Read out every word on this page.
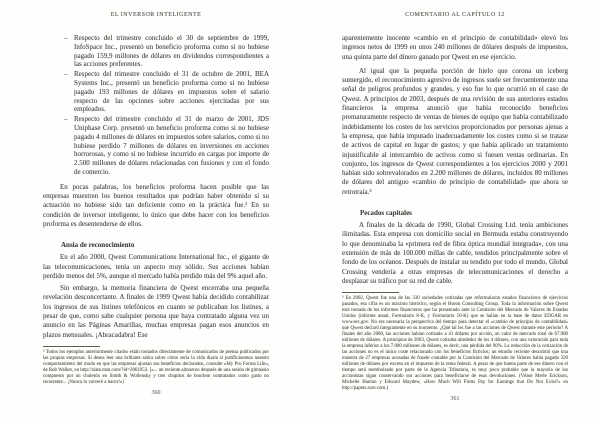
EL INVERSOR INTELIGENTE
– Respecto del trimestre concluido el 30 de septiembre de 1999, InfoSpace Inc., presentó un beneficio proforma como si no hubiese pagado 159,9 millones de dólares en dividendos correspondientes a las acciones preferentes.
– Respecto del trimestre concluido el 31 de octubre de 2001, BEA Systems Inc., presentó un beneficio proforma como si no hubiese pagado 193 millones de dólares en impuestos sobre el salario respecto de las opciones sobre acciones ejercitadas por sus empleados.
– Respecto del trimestre concluido el 31 de marzo de 2001, JDS Uniphase Corp. presentó un beneficio proforma como si no hubiese pagado 4 millones de dólares en impuestos sobre salarios, como si no hubiese perdido 7 millones de dólares en inversiones en acciones horrorosas, y como si no hubiese incurrido en cargas por importe de 2.500 millones de dólares relacionadas con fusiones y con el fondo de comercio.

En pocas palabras, los beneficios proforma hacen posible que las empresas muestren los buenos resultados que podrían haber obtenido si su actuación no hubiese sido tan deficiente como en la práctica fue.² En su condición de inversor inteligente, lo único que debe hacer con los beneficios proforma es desentenderse de ellos.

Ansia de reconocimiento

En el año 2000, Qwest Communications International Inc., el gigante de las telecomunicaciones, tenía un aspecto muy sólido. Sus acciones habían perdido menos del 5%, aunque el mercado había perdido más del 9% aquel año.

Sin embargo, la memoria financiera de Qwest encerraba una pequeña revelación desconcertante. A finales de 1999 Qwest había decidido contabilizar los ingresos de sus listines telefónicos en cuanto se publicaban los listines, a pesar de que, como sabe cualquier persona que haya contratado alguna vez un anuncio en las Páginas Amarillas, muchas empresas pagan esos anuncios en plazos mensuales. ¡Abracadabra! Ese

² Todos los ejemplos anteriormente citados están tomados directamente de comunicados de prensa publicados por las propias empresas. Si desea leer una brillante sátira sobre cómo sería la vida diaria si justificásemos nuestro comportamiento del modo en que las empresas ajustan sus beneficios declarados, consulte «My Pro Forma Life», de Rob Walker, en http://slate.msn.com/?id=2061953. [«... un reciente almuerzo después de una sesión de gimnasio compuesto por un chuletón en Smith & Wollensky y tres chupitos de bourbon contratados como gasto no recurrente... ¡Nunca lo volveré a hacer!»)
360
COMENTARIO AL CAPÍTULO 12

aparentemente inocente «cambio en el principio de contabilidad» elevó los ingresos netos de 1999 en unos 240 millones de dólares después de impuestos, una quinta parte del dinero ganado por Qwest en ese ejercicio.

Al igual que la pequeña porción de hielo que corona un iceberg sumergido, el reconocimiento agresivo de ingresos suele ser frecuentemente una señal de peligros profundos y grandes, y eso fue lo que ocurrió en el caso de Qwest. A principios de 2003, después de una revisión de sus anteriores estados financieros la empresa anunció que había reconocido beneficios prematuramente respecto de ventas de bienes de equipo que había contabilizado indebidamente los costes de los servicios proporcionados por personas ajenas a la empresa, que había imputado inadecuadamente los costes como si se tratase de activos de capital en lugar de gastos; y que había aplicado un tratamiento injustificable al intercambio de activos como si fuesen ventas ordinarias. En conjunto, los ingresos de Qwest correspondientes a los ejercicios 2000 y 2001 habían sido sobrevalorados en 2.200 millones de dólares, incluidos 80 millones de dólares del antiguo «cambio de principio de contabilidad» que ahora se retrotraía.³

Pecados capitales

A finales de la década de 1990, Global Crossing Ltd. tenía ambiciones ilimitadas. Esta empresa con domicilio social en Bermuda estaba construyendo lo que denominaba la «primera red de fibra óptica mundial integrada», con una extensión de más de 100.000 millas de cable, tendidos principalmente sobre el fondo de los océanos. Después de instalar su tendido por todo el mundo, Global Crossing vendería a otras empresas de telecomunicaciones el derecho a desplazar su tráfico por su red de cable.

³ En 2002, Qwest fue una de las 330 sociedades cotizadas que reformularon estados financieros de ejercicios pasados, esa cifra es un máximo histórico, según el Huron Consulting Group. Toda la información sobre Qwest está tomada de los informes financieros que ha presentado ante la Comisión del Mercado de Valores de Estados Unidos (informe anual, Formulario 8-K, y Formulario 10-K) que se hallan en la base de datos EDGAR en www.sec.gov. No era necesaria la perspectiva del tiempo para detectar el «cambio de principio de contabilidad» que Qwest declaró íntegramente en su momento. ¿Qué tal les fue a las acciones de Qwest durante este período? A finales del año 2000, las acciones habían cotizado a 41 dólares por acción, un valor de mercado total de 67.900 millones de dólares. A principios de 2003, Qwest cotizaba alrededor de los 4 dólares, con una valoración para toda la empresa inferior a los 7.000 millones de dólares, es decir, una pérdida del 90%. La reducción de la cotización de las acciones no es el único coste relacionado con los beneficios ficticios; un estudio reciente descubrió que una muestra de 27 empresas acusadas de fraude contable por la Comisión del Mercado de Valores había pagado 320 millones de dólares por exceso en el impuesto de la renta federal. A pesar de que buena parte de ese dinero con el tiempo será reembolsado por parte de la Agencia Tributaria, es muy poco probable que la mayoría de los accionistas sigan conservando sus acciones para beneficiarse de esas devoluciones. (Véase Merle Erickson, Michelle Hanlon y Edward Maydew, «How Much Will Firms Pay for Earnings that Do Not Exist?» en http://papers.ssrn.com.)
361
